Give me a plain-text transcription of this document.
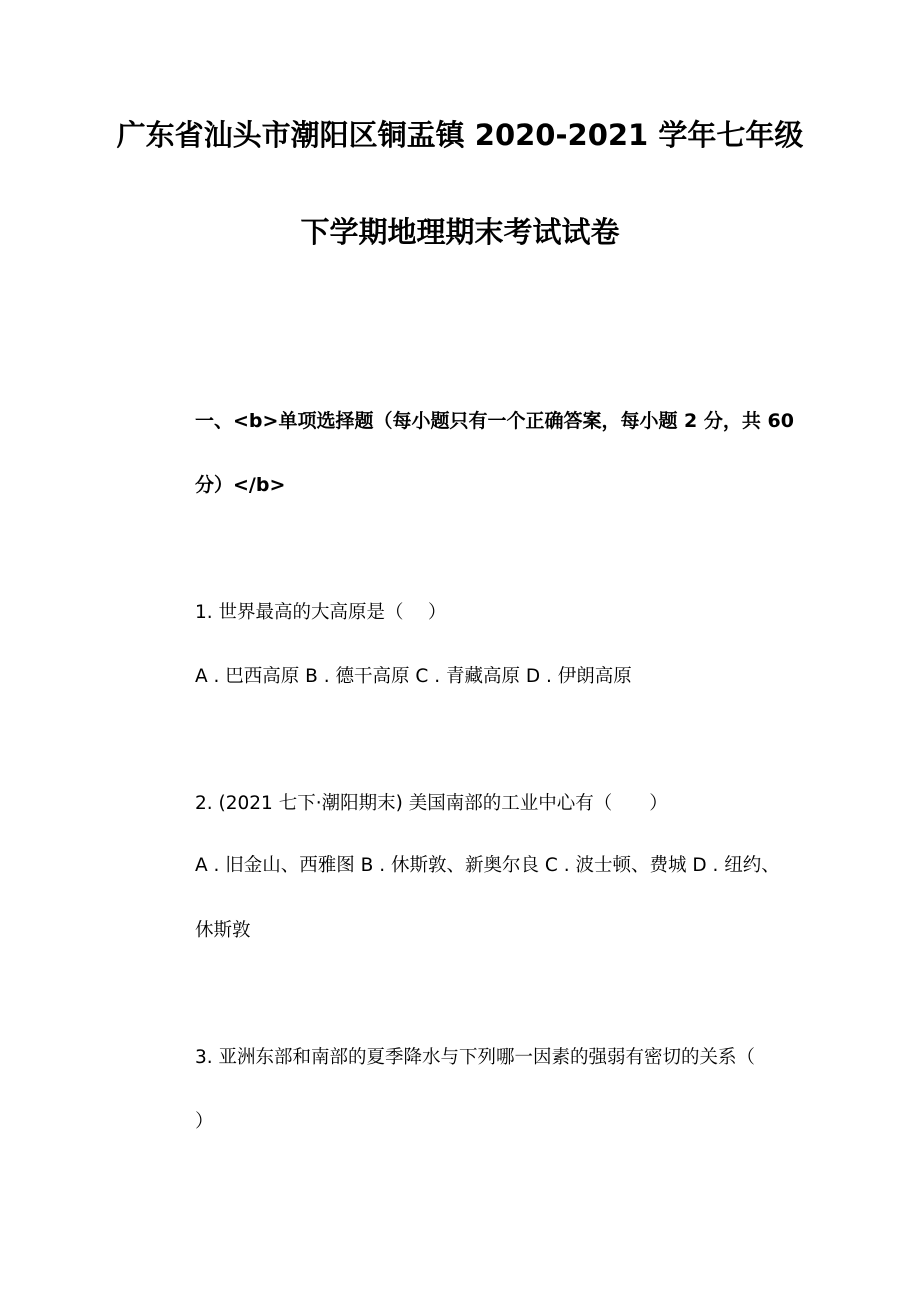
广东省汕头市潮阳区铜盂镇 2020-2021 学年七年级
下学期地理期末考试试卷
一、<b>单项选择题（每小题只有一个正确答案，每小题 2 分，共 60
分）</b>
1. 世界最高的大高原是（　 ）
A . 巴西高原 B . 德干高原 C . 青藏高原 D . 伊朗高原
2. (2021 七下·潮阳期末) 美国南部的工业中心有（　　）
A . 旧金山、西雅图 B . 休斯敦、新奥尔良 C . 波士顿、费城 D . 纽约、
休斯敦
3. 亚洲东部和南部的夏季降水与下列哪一因素的强弱有密切的关系（
）
